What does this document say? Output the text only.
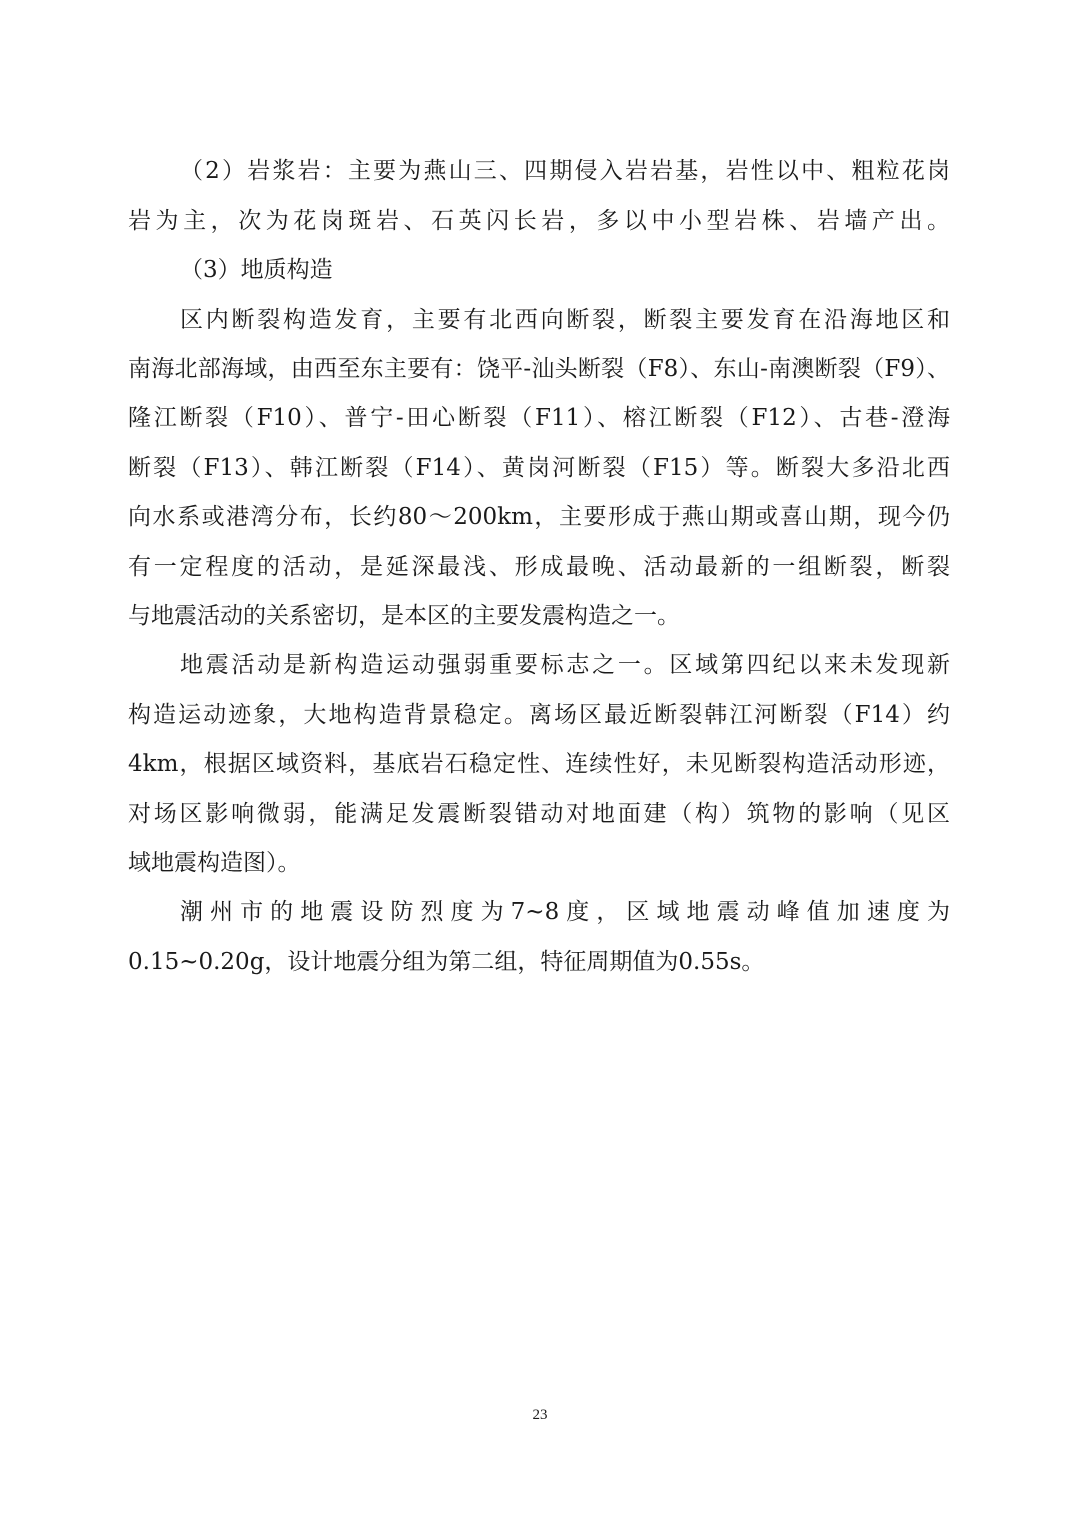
（2）岩浆岩：主要为燕山三、四期侵入岩岩基，岩性以中、粗粒花岗
岩为主，次为花岗斑岩、石英闪长岩，多以中小型岩株、岩墙产出。
（3）地质构造
区内断裂构造发育，主要有北西向断裂，断裂主要发育在沿海地区和
南海北部海域，由西至东主要有：饶平-汕头断裂（F8）、东山-南澳断裂（F9）、
隆江断裂（F10）、普宁-田心断裂（F11）、榕江断裂（F12）、古巷-澄海
断裂（F13）、韩江断裂（F14）、黄岗河断裂（F15）等。断裂大多沿北西
向水系或港湾分布，长约80～200km，主要形成于燕山期或喜山期，现今仍
有一定程度的活动，是延深最浅、形成最晚、活动最新的一组断裂，断裂
与地震活动的关系密切，是本区的主要发震构造之一。
地震活动是新构造运动强弱重要标志之一。区域第四纪以来未发现新
构造运动迹象，大地构造背景稳定。离场区最近断裂韩江河断裂（F14）约
4km，根据区域资料，基底岩石稳定性、连续性好，未见断裂构造活动形迹，
对场区影响微弱，能满足发震断裂错动对地面建（构）筑物的影响（见区
域地震构造图）。
潮州市的地震设防烈度为7~8度，区域地震动峰值加速度为
0.15~0.20g，设计地震分组为第二组，特征周期值为0.55s。
23
